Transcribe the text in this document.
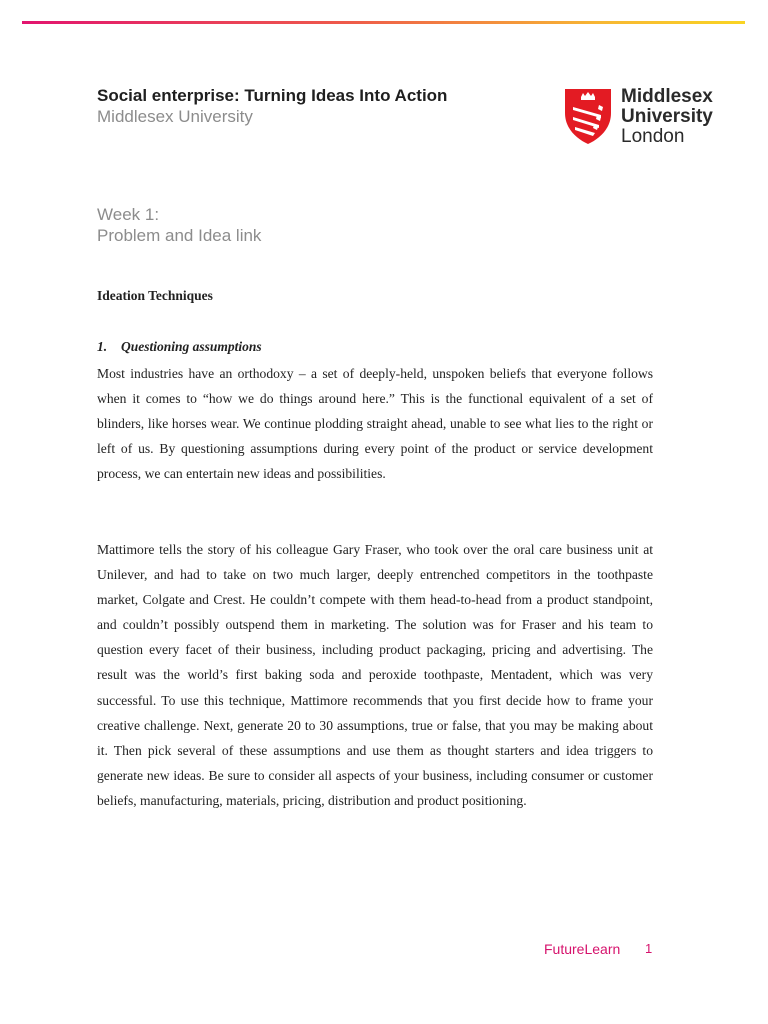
Social enterprise: Turning Ideas Into Action
Middlesex University
Middlesex
University
London
Week 1:
Problem and Idea link
Ideation Techniques
1. Questioning assumptions

Most industries have an orthodoxy – a set of deeply-held, unspoken beliefs that everyone follows when it comes to “how we do things around here.” This is the functional equivalent of a set of blinders, like horses wear. We continue plodding straight ahead, unable to see what lies to the right or left of us. By questioning assumptions during every point of the product or service development process, we can entertain new ideas and possibilities.

Mattimore tells the story of his colleague Gary Fraser, who took over the oral care business unit at Unilever, and had to take on two much larger, deeply entrenched competitors in the toothpaste market, Colgate and Crest. He couldn’t compete with them head-to-head from a product standpoint, and couldn’t possibly outspend them in marketing. The solution was for Fraser and his team to question every facet of their business, including product packaging, pricing and advertising. The result was the world’s first baking soda and peroxide toothpaste, Mentadent, which was very successful. To use this technique, Mattimore recommends that you first decide how to frame your creative challenge. Next, generate 20 to 30 assumptions, true or false, that you may be making about it. Then pick several of these assumptions and use them as thought starters and idea triggers to generate new ideas. Be sure to consider all aspects of your business, including consumer or customer beliefs, manufacturing, materials, pricing, distribution and product positioning.

FutureLearn 1
